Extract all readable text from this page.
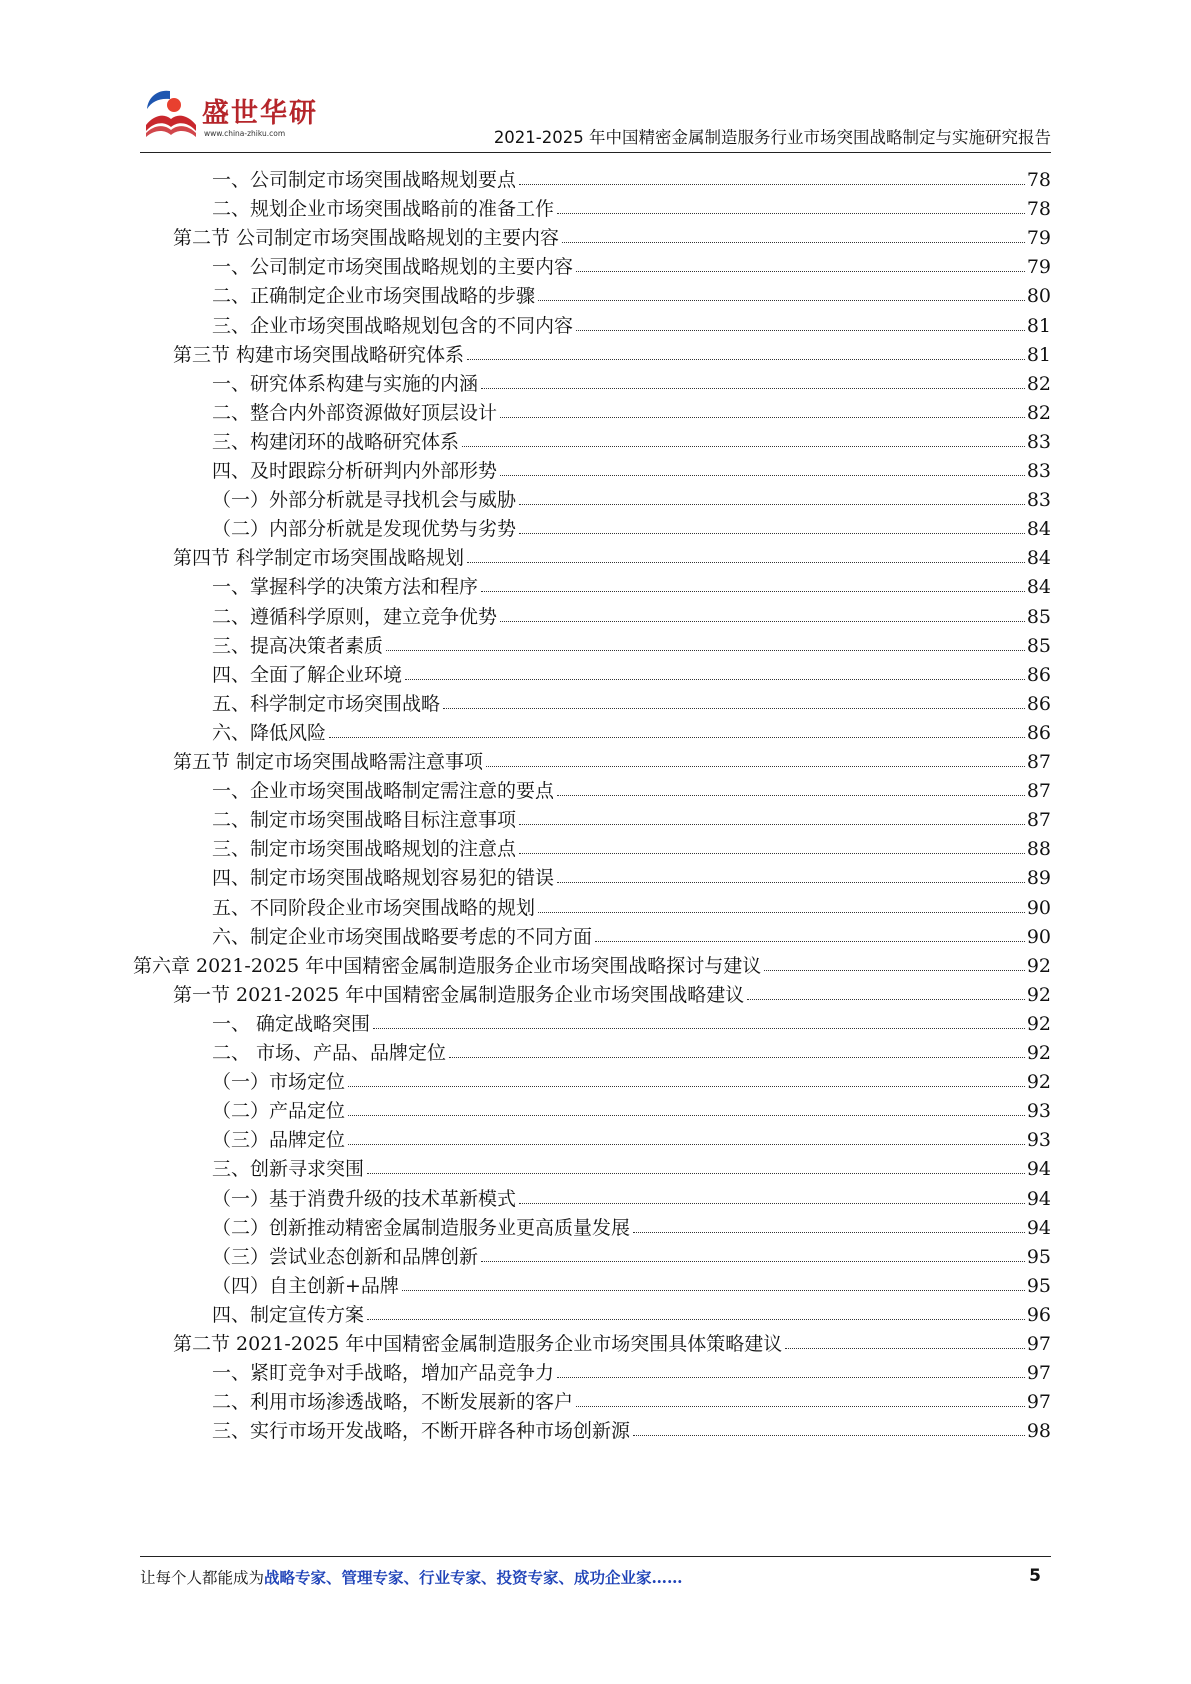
盛世华研
www.china-zhiku.com	2021-2025 年中国精密金属制造服务行业市场突围战略制定与实施研究报告
一、公司制定市场突围战略规划要点	78
二、规划企业市场突围战略前的准备工作	78
第二节 公司制定市场突围战略规划的主要内容	79
一、公司制定市场突围战略规划的主要内容	79
二、正确制定企业市场突围战略的步骤	80
三、企业市场突围战略规划包含的不同内容	81
第三节 构建市场突围战略研究体系	81
一、研究体系构建与实施的内涵	82
二、整合内外部资源做好顶层设计	82
三、构建闭环的战略研究体系	83
四、及时跟踪分析研判内外部形势	83
（一）外部分析就是寻找机会与威胁	83
（二）内部分析就是发现优势与劣势	84
第四节 科学制定市场突围战略规划	84
一、掌握科学的决策方法和程序	84
二、遵循科学原则，建立竞争优势	85
三、提高决策者素质	85
四、全面了解企业环境	86
五、科学制定市场突围战略	86
六、降低风险	86
第五节 制定市场突围战略需注意事项	87
一、企业市场突围战略制定需注意的要点	87
二、制定市场突围战略目标注意事项	87
三、制定市场突围战略规划的注意点	88
四、制定市场突围战略规划容易犯的错误	89
五、不同阶段企业市场突围战略的规划	90
六、制定企业市场突围战略要考虑的不同方面	90
第六章 2021-2025 年中国精密金属制造服务企业市场突围战略探讨与建议	92
第一节 2021-2025 年中国精密金属制造服务企业市场突围战略建议	92
一、 确定战略突围	92
二、 市场、产品、品牌定位	92
（一）市场定位	92
（二）产品定位	93
（三）品牌定位	93
三、创新寻求突围	94
（一）基于消费升级的技术革新模式	94
（二）创新推动精密金属制造服务业更高质量发展	94
（三）尝试业态创新和品牌创新	95
（四）自主创新+品牌	95
四、制定宣传方案	96
第二节 2021-2025 年中国精密金属制造服务企业市场突围具体策略建议	97
一、紧盯竞争对手战略，增加产品竞争力	97
二、利用市场渗透战略，不断发展新的客户	97
三、实行市场开发战略，不断开辟各种市场创新源	98
让每个人都能成为战略专家、管理专家、行业专家、投资专家、成功企业家……	5
